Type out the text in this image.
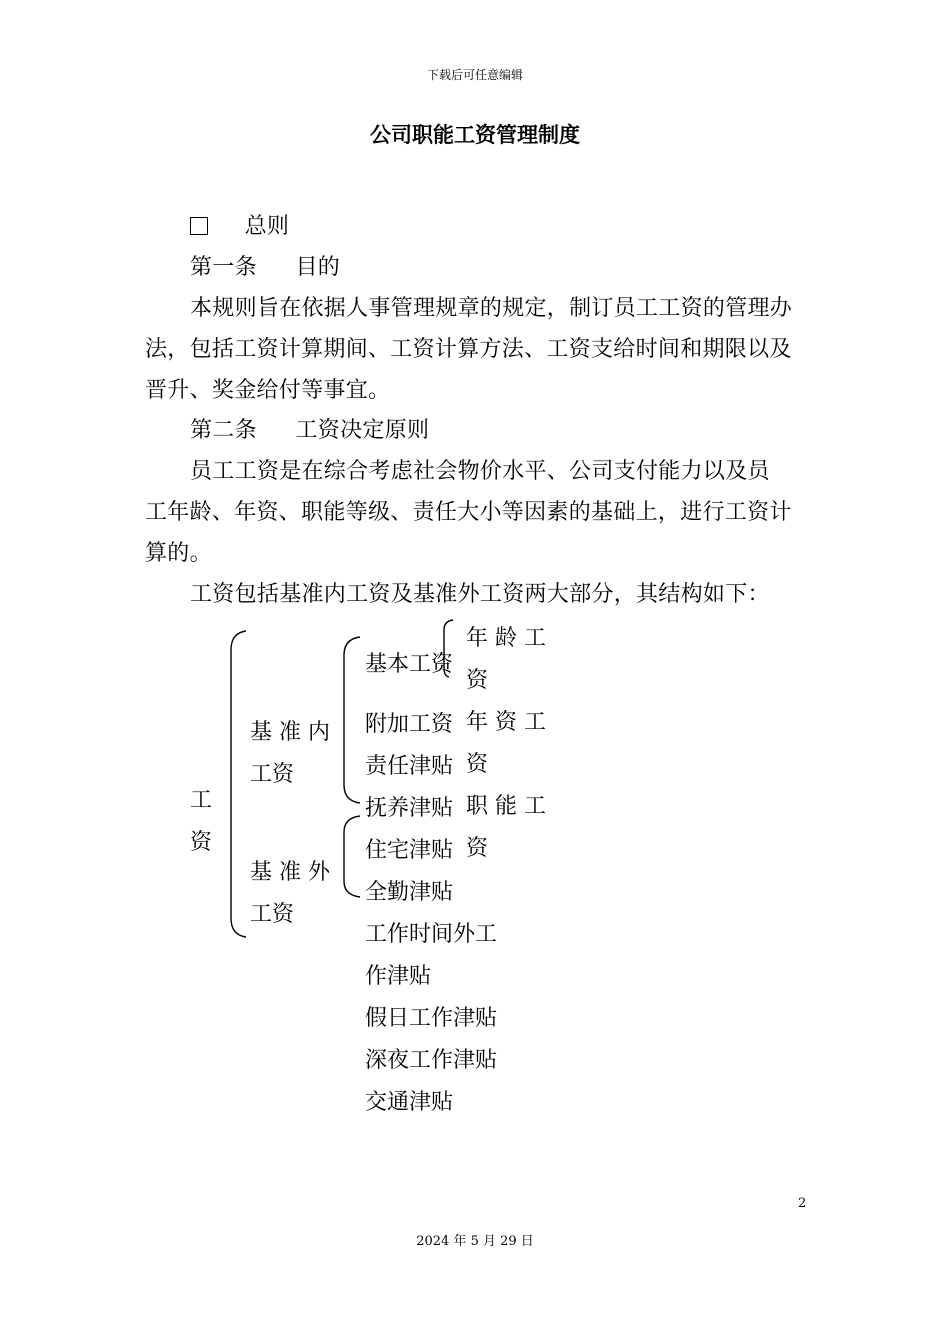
下载后可任意编辑
公司职能工资管理制度
总则
第一条 目的
本规则旨在依据人事管理规章的规定，制订员工工资的管理办
法，包括工资计算期间、工资计算方法、工资支给时间和期限以及
晋升、奖金给付等事宜。
第二条 工资决定原则
员工工资是在综合考虑社会物价水平、公司支付能力以及员
工年龄、年资、职能等级、责任大小等因素的基础上，进行工资计
算的。
工资包括基准内工资及基准外工资两大部分，其结构如下：
工
资
基 准 内
工资
基 准 外
工资
基本工资
附加工资
责任津贴
抚养津贴
住宅津贴
全勤津贴
工作时间外工
作津贴
假日工作津贴
深夜工作津贴
交通津贴
年 龄 工
资
年 资 工
资
职 能 工
资
2
2024 年 5 月 29 日
